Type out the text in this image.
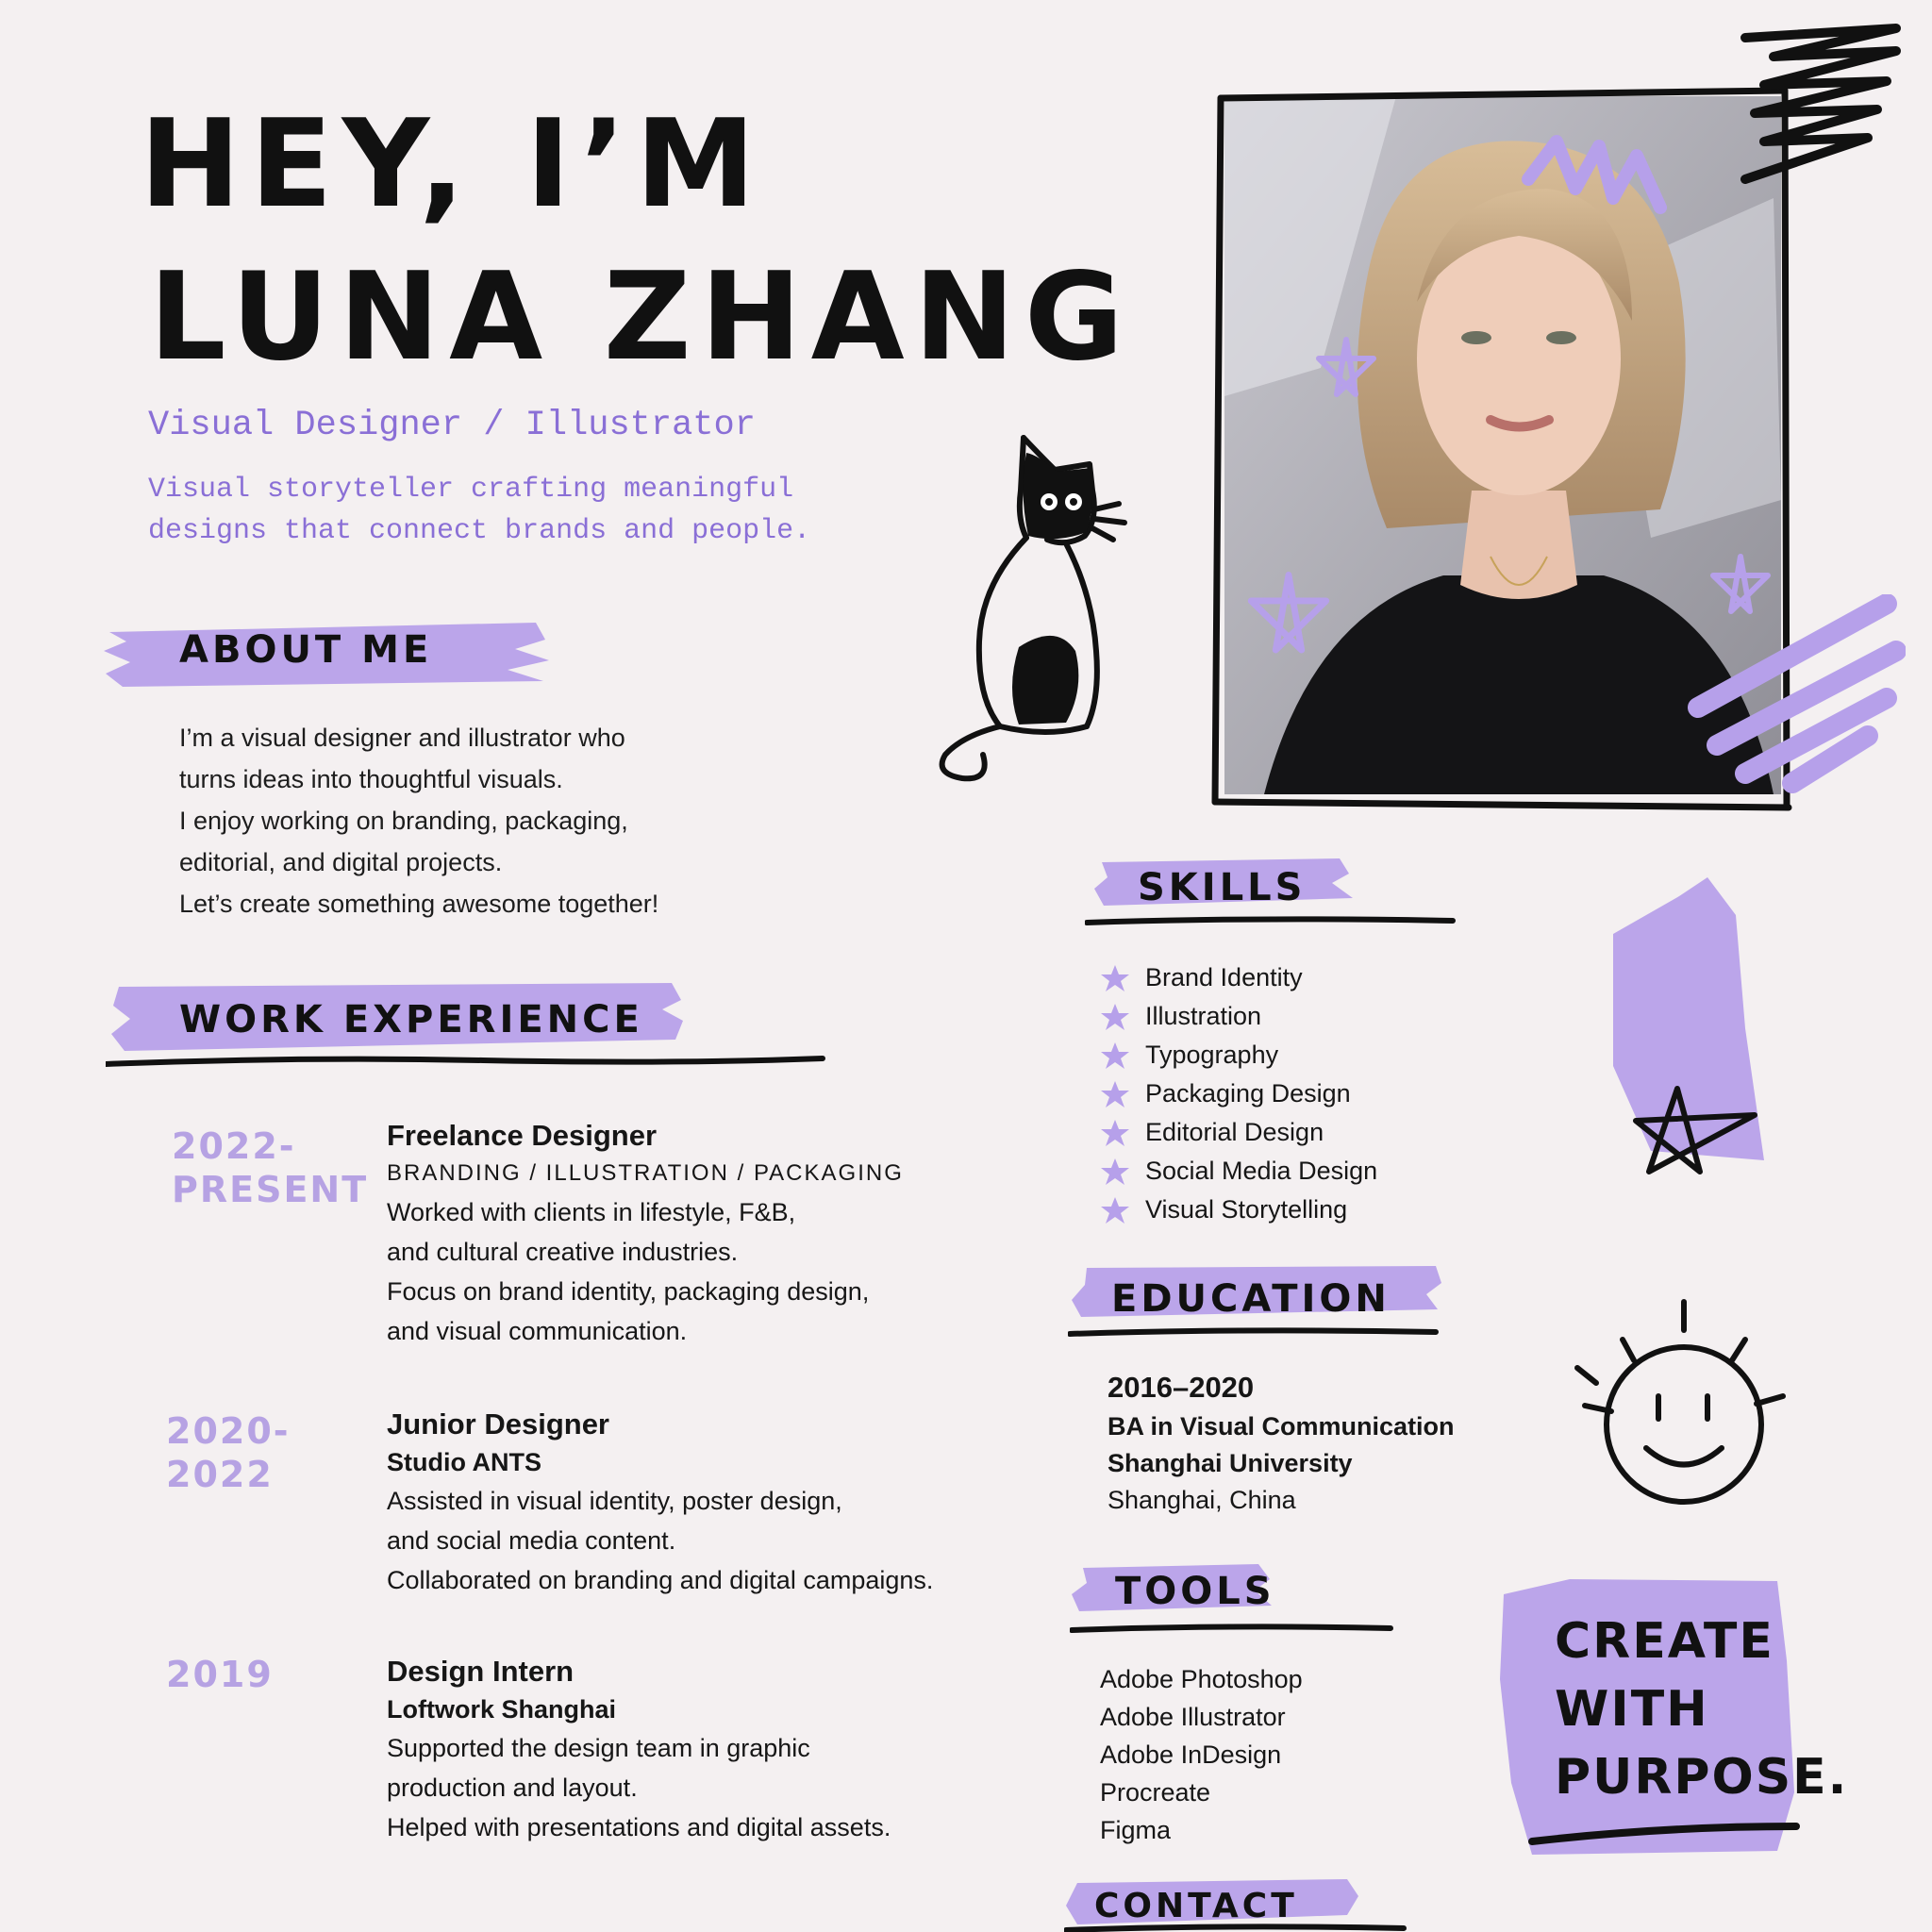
HEY, I’M
LUNA ZHANG
Visual Designer / Illustrator
Visual storyteller crafting meaningful
designs that connect brands and people.
ABOUT ME
I’m a visual designer and illustrator who
turns ideas into thoughtful visuals.
I enjoy working on branding, packaging,
editorial, and digital projects.
Let’s create something awesome together!
WORK EXPERIENCE
2022-
PRESENT
Freelance Designer
BRANDING / ILLUSTRATION / PACKAGING
Worked with clients in lifestyle, F&B,
and cultural creative industries.
Focus on brand identity, packaging design,
and visual communication.
2020-
2022
Junior Designer
Studio ANTS
Assisted in visual identity, poster design,
and social media content.
Collaborated on branding and digital campaigns.
2019	Design Intern
Loftwork Shanghai
Supported the design team in graphic
production and layout.
Helped with presentations and digital assets.
SKILLS
Brand Identity
Illustration
Typography
Packaging Design
Editorial Design
Social Media Design
Visual Storytelling
EDUCATION
2016–2020
BA in Visual Communication
Shanghai University
Shanghai, China
TOOLS
Adobe Photoshop
Adobe Illustrator
Adobe InDesign
Procreate
Figma
CREATE
WITH
PURPOSE.
CONTACT
